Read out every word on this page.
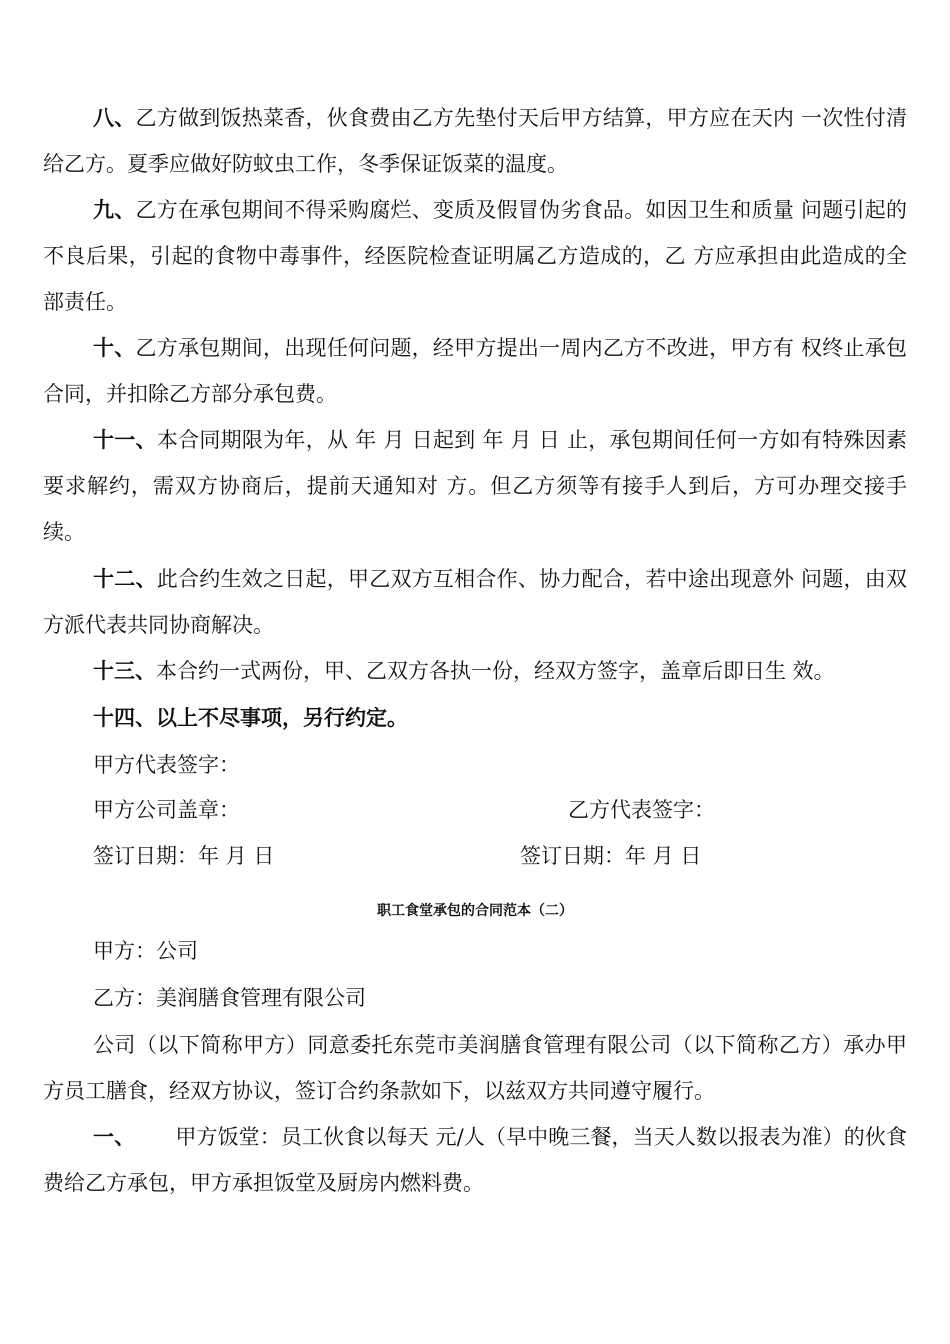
八、乙方做到饭热菜香，伙食费由乙方先垫付天后甲方结算，甲方应在天内 一次性付清给乙方。夏季应做好防蚊虫工作，冬季保证饭菜的温度。

九、乙方在承包期间不得采购腐烂、变质及假冒伪劣食品。如因卫生和质量 问题引起的不良后果，引起的食物中毒事件，经医院检查证明属乙方造成的，乙 方应承担由此造成的全部责任。

十、乙方承包期间，出现任何问题，经甲方提出一周内乙方不改进，甲方有 权终止承包合同，并扣除乙方部分承包费。

十一、本合同期限为年，从 年 月 日起到 年 月 日 止，承包期间任何一方如有特殊因素要求解约，需双方协商后，提前天通知对 方。但乙方须等有接手人到后，方可办理交接手续。

十二、此合约生效之日起，甲乙双方互相合作、协力配合，若中途出现意外 问题，由双方派代表共同协商解决。

十三、本合约一式两份，甲、乙双方各执一份，经双方签字，盖章后即日生 效。

十四、以上不尽事项，另行约定。

甲方代表签字：
甲方公司盖章：	乙方代表签字：
签订日期：年 月 日	签订日期：年 月 日
职工食堂承包的合同范本（二）
甲方：公司
乙方：美润膳食管理有限公司

公司（以下简称甲方）同意委托东莞市美润膳食管理有限公司（以下简称乙方）承办甲方员工膳食，经双方协议，签订合约条款如下，以兹双方共同遵守履行。

一、 甲方饭堂：员工伙食以每天 元/人（早中晚三餐，当天人数以报表为准）的伙食费给乙方承包，甲方承担饭堂及厨房内燃料费。
